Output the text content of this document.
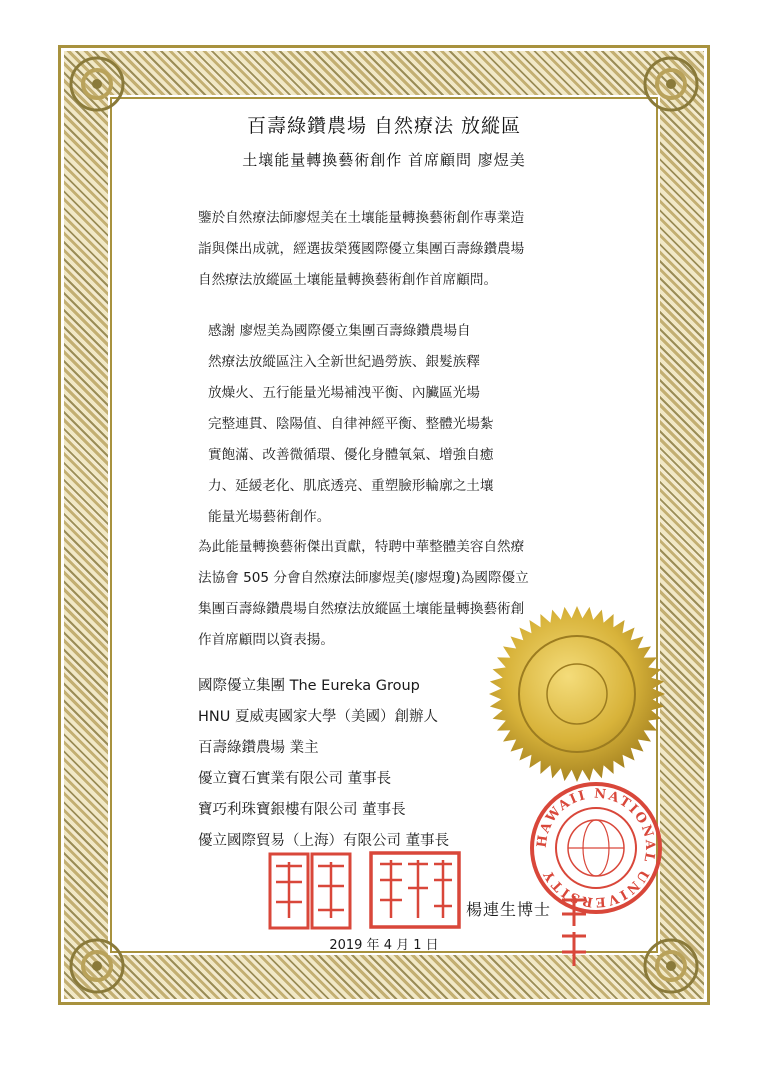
百壽綠鑽農場 自然療法 放縱區
土壤能量轉換藝術創作 首席顧問 廖煜美
鑒於自然療法師廖煜美在土壤能量轉換藝術創作專業造
詣與傑出成就，經選拔榮獲國際優立集團百壽綠鑽農場
自然療法放縱區土壤能量轉換藝術創作首席顧問。
感謝 廖煜美為國際優立集團百壽綠鑽農場自
然療法放縱區注入全新世紀過勞族、銀髮族釋
放燥火、五行能量光場補洩平衡、內臟區光場
完整連貫、陰陽值、自律神經平衡、整體光場紮
實飽滿、改善微循環、優化身體氧氣、增強自癒
力、延緩老化、肌底透亮、重塑臉形輪廓之土壤
能量光場藝術創作。
為此能量轉換藝術傑出貢獻，特聘中華整體美容自然療
法協會 505 分會自然療法師廖煜美(廖煜瓊)為國際優立
集團百壽綠鑽農場自然療法放縱區土壤能量轉換藝術創
作首席顧問以資表揚。
國際優立集團 The Eureka Group
HNU 夏威夷國家大學（美國）創辦人
百壽綠鑽農場 業主
優立寶石實業有限公司 董事長
寶巧利珠寶銀樓有限公司 董事長
優立國際貿易（上海）有限公司 董事長	HAWAII NATIONAL UNIVERSITY
楊連生博士
2019 年 4 月 1 日
